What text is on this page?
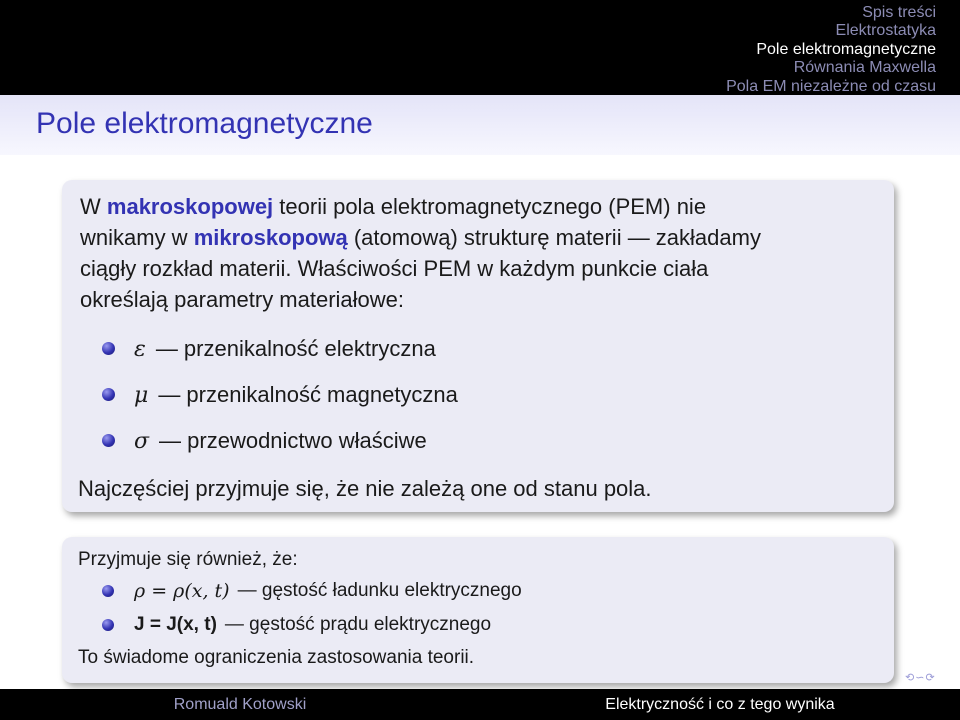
Spis treści
Elektrostatyka
Pole elektromagnetyczne
Równania Maxwella
Pola EM niezależne od czasu
Pole elektromagnetyczne
W makroskopowej teorii pola elektromagnetycznego (PEM) nie
wnikamy w mikroskopową (atomową) strukturę materii — zakładamy
ciągły rozkład materii. Właściwości PEM w każdym punkcie ciała
określają parametry materiałowe:
ε — przenikalność elektryczna
μ — przenikalność magnetyczna
σ — przewodnictwo właściwe
Najczęściej przyjmuje się, że nie zależą one od stanu pola.
Przyjmuje się również, że:
ρ = ρ(x, t) — gęstość ładunku elektrycznego
J = J(x, t) — gęstość prądu elektrycznego
To świadome ograniczenia zastosowania teorii.
⟲∽⟳
Romuald Kotowski	Elektryczność i co z tego wynika
